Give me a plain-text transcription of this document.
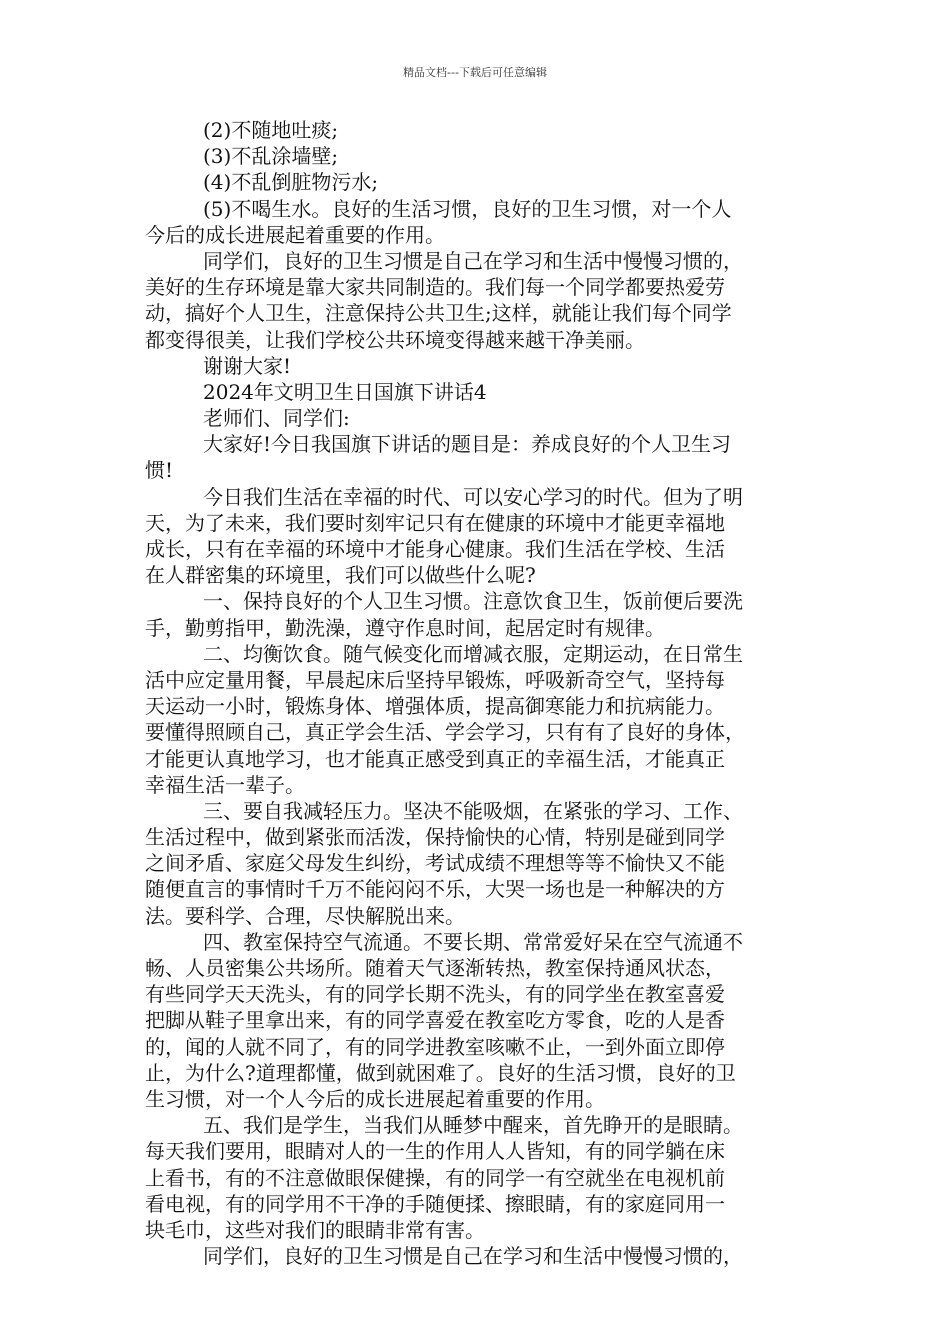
精品文档---下载后可任意编辑
(2)不随地吐痰;
(3)不乱涂墙壁;
(4)不乱倒脏物污水;
(5)不喝生水。良好的生活习惯，良好的卫生习惯，对一个人
今后的成长进展起着重要的作用。
同学们，良好的卫生习惯是自己在学习和生活中慢慢习惯的，
美好的生存环境是靠大家共同制造的。我们每一个同学都要热爱劳
动，搞好个人卫生，注意保持公共卫生;这样，就能让我们每个同学
都变得很美，让我们学校公共环境变得越来越干净美丽。
谢谢大家!
2024年文明卫生日国旗下讲话4
老师们、同学们:
大家好!今日我国旗下讲话的题目是：养成良好的个人卫生习
惯!
今日我们生活在幸福的时代、可以安心学习的时代。但为了明
天，为了未来，我们要时刻牢记只有在健康的环境中才能更幸福地
成长，只有在幸福的环境中才能身心健康。我们生活在学校、生活
在人群密集的环境里，我们可以做些什么呢?
一、保持良好的个人卫生习惯。注意饮食卫生，饭前便后要洗
手，勤剪指甲，勤洗澡，遵守作息时间，起居定时有规律。
二、均衡饮食。随气候变化而增减衣服，定期运动，在日常生
活中应定量用餐，早晨起床后坚持早锻炼，呼吸新奇空气，坚持每
天运动一小时，锻炼身体、增强体质，提高御寒能力和抗病能力。
要懂得照顾自己，真正学会生活、学会学习，只有有了良好的身体，
才能更认真地学习，也才能真正感受到真正的幸福生活，才能真正
幸福生活一辈子。
三、要自我减轻压力。坚决不能吸烟，在紧张的学习、工作、
生活过程中，做到紧张而活泼，保持愉快的心情，特别是碰到同学
之间矛盾、家庭父母发生纠纷，考试成绩不理想等等不愉快又不能
随便直言的事情时千万不能闷闷不乐，大哭一场也是一种解决的方
法。要科学、合理，尽快解脱出来。
四、教室保持空气流通。不要长期、常常爱好呆在空气流通不
畅、人员密集公共场所。随着天气逐渐转热，教室保持通风状态，
有些同学天天洗头，有的同学长期不洗头，有的同学坐在教室喜爱
把脚从鞋子里拿出来，有的同学喜爱在教室吃方零食，吃的人是香
的，闻的人就不同了，有的同学进教室咳嗽不止，一到外面立即停
止，为什么?道理都懂，做到就困难了。良好的生活习惯，良好的卫
生习惯，对一个人今后的成长进展起着重要的作用。
五、我们是学生，当我们从睡梦中醒来，首先睁开的是眼睛。
每天我们要用，眼睛对人的一生的作用人人皆知，有的同学躺在床
上看书，有的不注意做眼保健操，有的同学一有空就坐在电视机前
看电视，有的同学用不干净的手随便揉、擦眼睛，有的家庭同用一
块毛巾，这些对我们的眼睛非常有害。
同学们，良好的卫生习惯是自己在学习和生活中慢慢习惯的，
